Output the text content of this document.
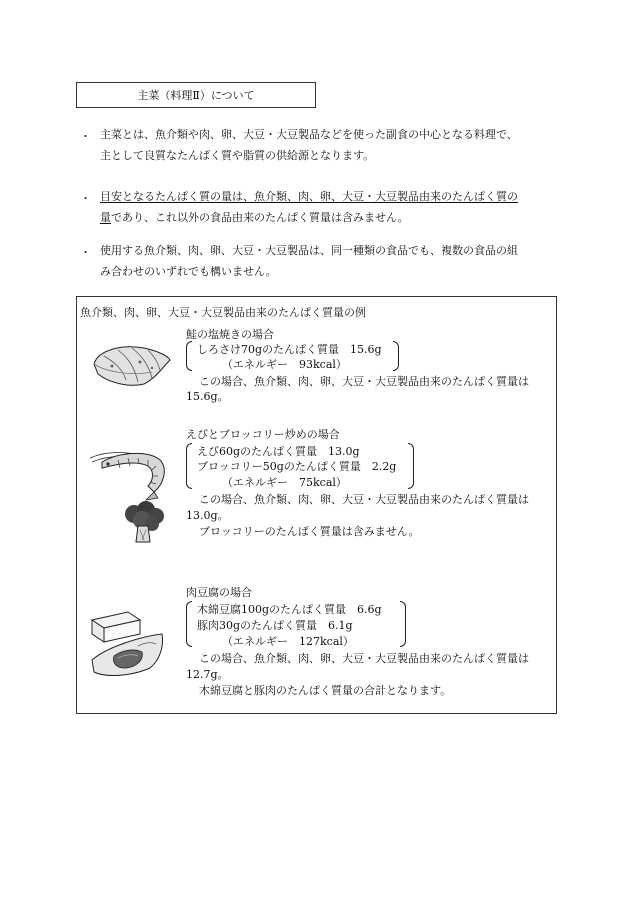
主菜（料理Ⅱ）について
・ 主菜とは、魚介類や肉、卵、大豆・大豆製品などを使った副食の中心となる料理で、
主として良質なたんぱく質や脂質の供給源となります。
・ 目安となるたんぱく質の量は、魚介類、肉、卵、大豆・大豆製品由来のたんぱく質の
量であり、これ以外の食品由来のたんぱく質量は含みません。
・ 使用する魚介類、肉、卵、大豆・大豆製品は、同一種類の食品でも、複数の食品の組
み合わせのいずれでも構いません。
魚介類、肉、卵、大豆・大豆製品由来のたんぱく質量の例
鮭の塩焼きの場合
しろさけ70gのたんぱく質量　15.6g
（エネルギー　93kcal）
この場合、魚介類、肉、卵、大豆・大豆製品由来のたんぱく質量は
15.6g。
えびとブロッコリー炒めの場合
えび60gのたんぱく質量　13.0g
ブロッコリー50gのたんぱく質量　2.2g
（エネルギー　75kcal）
この場合、魚介類、肉、卵、大豆・大豆製品由来のたんぱく質量は
13.0g。
ブロッコリーのたんぱく質量は含みません。
肉豆腐の場合
木綿豆腐100gのたんぱく質量　6.6g
豚肉30gのたんぱく質量　6.1g
（エネルギー　127kcal）
この場合、魚介類、肉、卵、大豆・大豆製品由来のたんぱく質量は
12.7g。
木綿豆腐と豚肉のたんぱく質量の合計となります。
